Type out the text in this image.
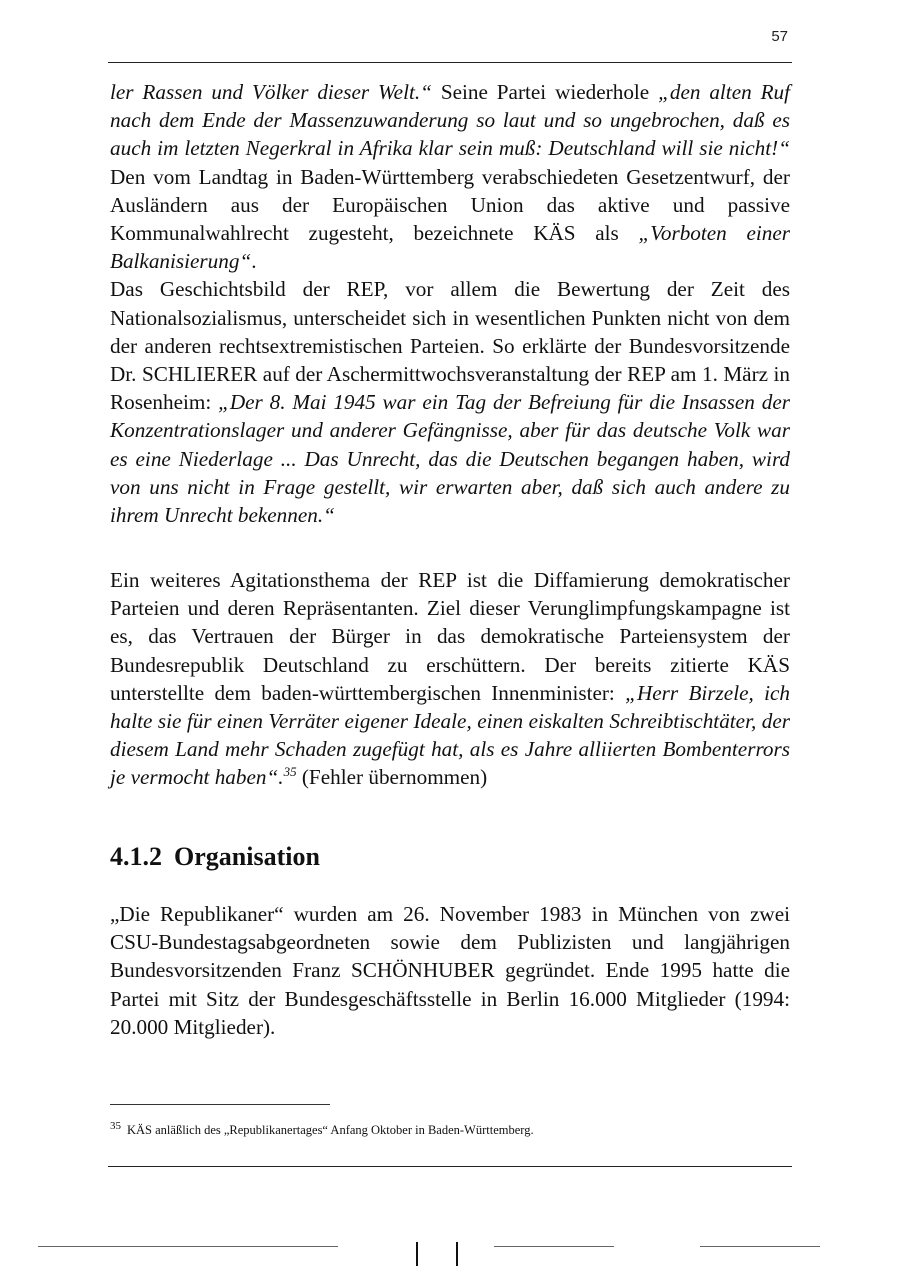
57

ler Rassen und Völker dieser Welt.“ Seine Partei wiederhole „den alten Ruf nach dem Ende der Massenzuwanderung so laut und so ungebrochen, daß es auch im letzten Negerkral in Afrika klar sein muß: Deutschland will sie nicht!“ Den vom Landtag in Baden-Württemberg verabschiedeten Gesetzentwurf, der Ausländern aus der Europäischen Union das aktive und passive Kommunalwahlrecht zugesteht, bezeichnete KÄS als „Vorboten einer Balkanisierung“.

Das Geschichtsbild der REP, vor allem die Bewertung der Zeit des Nationalsozialismus, unterscheidet sich in wesentlichen Punkten nicht von dem der anderen rechtsextremistischen Parteien. So erklärte der Bundesvorsitzende Dr. SCHLIERER auf der Aschermittwochsveranstaltung der REP am 1. März in Rosenheim: „Der 8. Mai 1945 war ein Tag der Befreiung für die Insassen der Konzentrationslager und anderer Gefängnisse, aber für das deutsche Volk war es eine Niederlage ... Das Unrecht, das die Deutschen begangen haben, wird von uns nicht in Frage gestellt, wir erwarten aber, daß sich auch andere zu ihrem Unrecht bekennen.“

Ein weiteres Agitationsthema der REP ist die Diffamierung demokratischer Parteien und deren Repräsentanten. Ziel dieser Verunglimpfungskampagne ist es, das Vertrauen der Bürger in das demokratische Parteiensystem der Bundesrepublik Deutschland zu erschüttern. Der bereits zitierte KÄS unterstellte dem baden-württembergischen Innenminister: „Herr Birzele, ich halte sie für einen Verräter eigener Ideale, einen eiskalten Schreibtischtäter, der diesem Land mehr Schaden zugefügt hat, als es Jahre alliierten Bombenterrors je vermocht haben“.$^{35}$ (Fehler übernommen)

4.1.2 Organisation

„Die Republikaner“ wurden am 26. November 1983 in München von zwei CSU-Bundestagsabgeordneten sowie dem Publizisten und langjährigen Bundesvorsitzenden Franz SCHÖNHUBER gegründet. Ende 1995 hatte die Partei mit Sitz der Bundesgeschäftsstelle in Berlin 16.000 Mitglieder (1994: 20.000 Mitglieder).

$^{35}$ KÄS anläßlich des „Republikanertages“ Anfang Oktober in Baden-Württemberg.
